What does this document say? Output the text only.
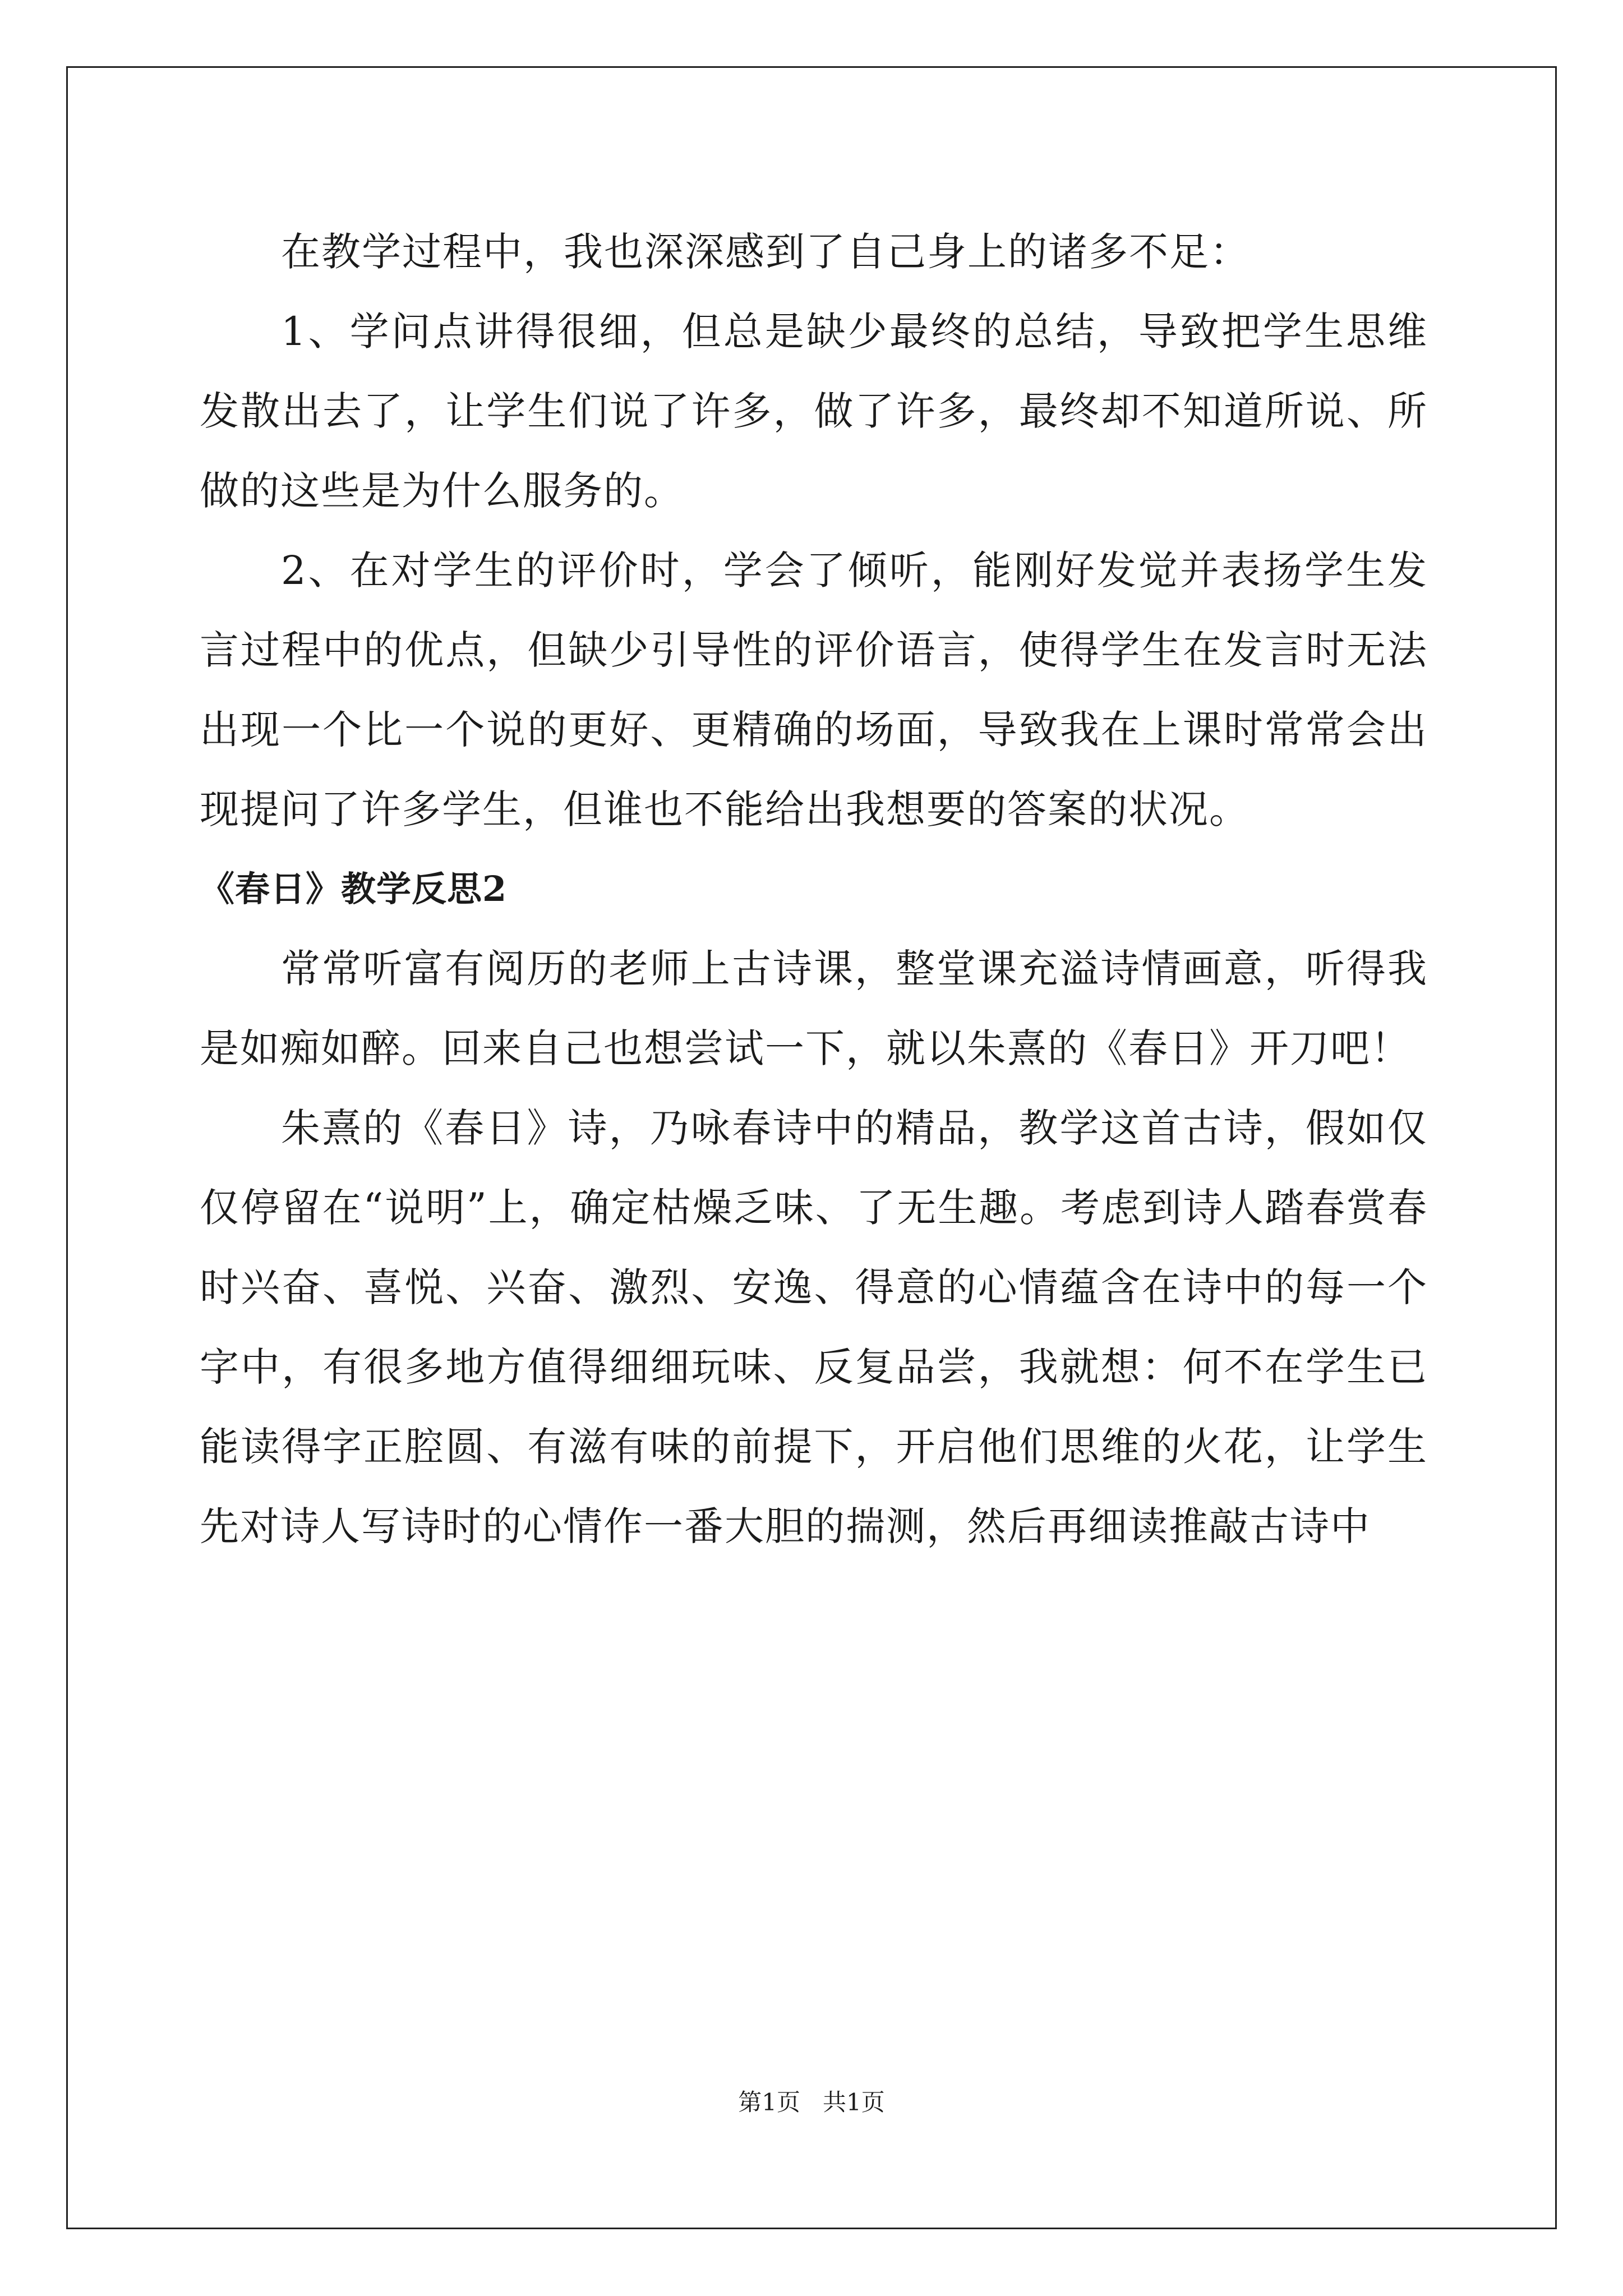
在教学过程中，我也深深感到了自己身上的诸多不足：

1、学问点讲得很细，但总是缺少最终的总结，导致把学生思维发散出去了，让学生们说了许多，做了许多，最终却不知道所说、所做的这些是为什么服务的。

2、在对学生的评价时，学会了倾听，能刚好发觉并表扬学生发言过程中的优点，但缺少引导性的评价语言，使得学生在发言时无法出现一个比一个说的更好、更精确的场面，导致我在上课时常常会出现提问了许多学生，但谁也不能给出我想要的答案的状况。

《春日》教学反思2

常常听富有阅历的老师上古诗课，整堂课充溢诗情画意，听得我是如痴如醉。回来自己也想尝试一下，就以朱熹的《春日》开刀吧！

朱熹的《春日》诗，乃咏春诗中的精品，教学这首古诗，假如仅仅停留在“说明”上，确定枯燥乏味、了无生趣。考虑到诗人踏春赏春时兴奋、喜悦、兴奋、激烈、安逸、得意的心情蕴含在诗中的每一个字中，有很多地方值得细细玩味、反复品尝，我就想：何不在学生已能读得字正腔圆、有滋有味的前提下，开启他们思维的火花，让学生先对诗人写诗时的心情作一番大胆的揣测，然后再细读推敲古诗中

第1页   共1页
